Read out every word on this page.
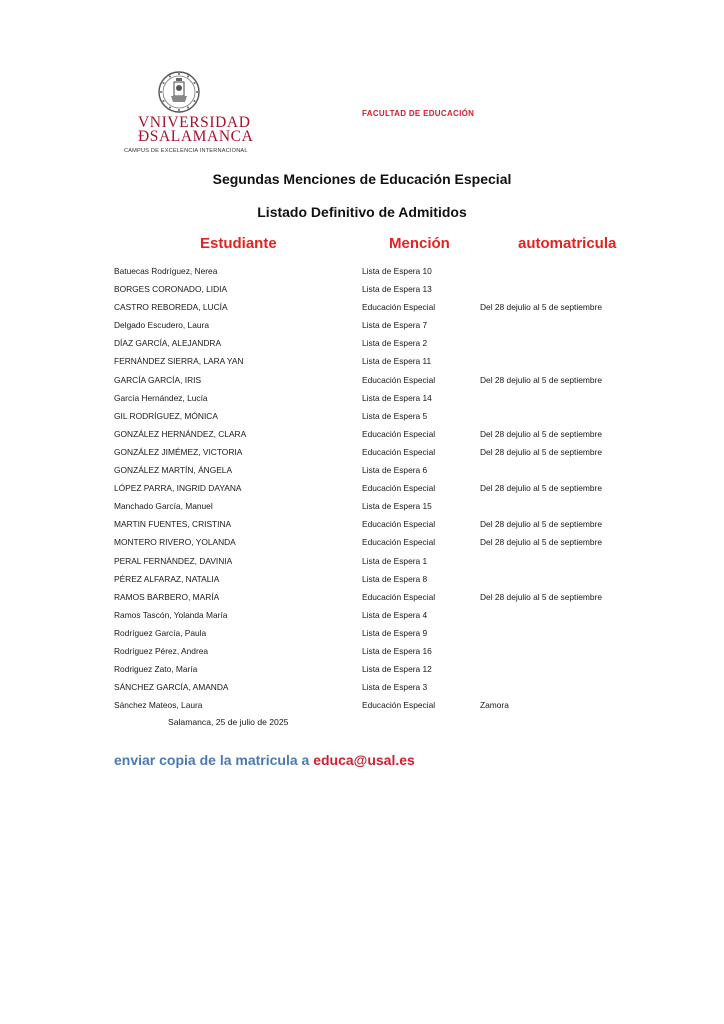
VNIVERSIDAD
ÐSALAMANCA
CAMPUS DE EXCELENCIA INTERNACIONAL
FACULTAD DE EDUCACIÓN
Segundas Menciones de Educación Especial
Listado Definitivo de Admitidos
Estudiante	Mención	automatricula
Batuecas Rodríguez, Nerea	Lista de Espera 10
BORGES CORONADO, LIDIA	Lista de Espera 13
CASTRO REBOREDA, LUCÍA	Educación Especial	Del 28 dejulio al 5 de septiembre
Delgado Escudero, Laura	Lista de Espera 7
DÍAZ GARCÍA, ALEJANDRA	Lista de Espera 2
FERNÁNDEZ SIERRA, LARA YAN	Lista de Espera 11
GARCÍA GARCÍA, IRIS	Educación Especial	Del 28 dejulio al 5 de septiembre
García Hernández, Lucía	Lista de Espera 14
GIL RODRÍGUEZ, MÓNICA	Lista de Espera 5
GONZÁLEZ HERNÁNDEZ, CLARA	Educación Especial	Del 28 dejulio al 5 de septiembre
GONZÁLEZ JIMÉMEZ, VICTORIA	Educación Especial	Del 28 dejulio al 5 de septiembre
GONZÁLEZ MARTÍN, ÁNGELA	Lista de Espera 6
LÓPEZ PARRA, INGRID DAYANA	Educación Especial	Del 28 dejulio al 5 de septiembre
Manchado García, Manuel	Lista de Espera 15
MARTIN FUENTES, CRISTINA	Educación Especial	Del 28 dejulio al 5 de septiembre
MONTERO RIVERO, YOLANDA	Educación Especial	Del 28 dejulio al 5 de septiembre
PERAL FERNÁNDEZ, DAVINIA	Lista de Espera 1
PÉREZ ALFARAZ, NATALIA	Lista de Espera 8
RAMOS BARBERO, MARÍA	Educación Especial	Del 28 dejulio al 5 de septiembre
Ramos Tascón, Yolanda María	Lista de Espera 4
Rodríguez García, Paula	Lista de Espera 9
Rodríguez Pérez, Andrea	Lista de Espera 16
Rodriguez Zato, María	Lista de Espera 12
SÁNCHEZ GARCÍA, AMANDA	Lista de Espera 3
Sánchez Mateos, Laura	Educación Especial	Zamora
Salamanca, 25 de julio de 2025
enviar copia de la matricula a educa@usal.es
